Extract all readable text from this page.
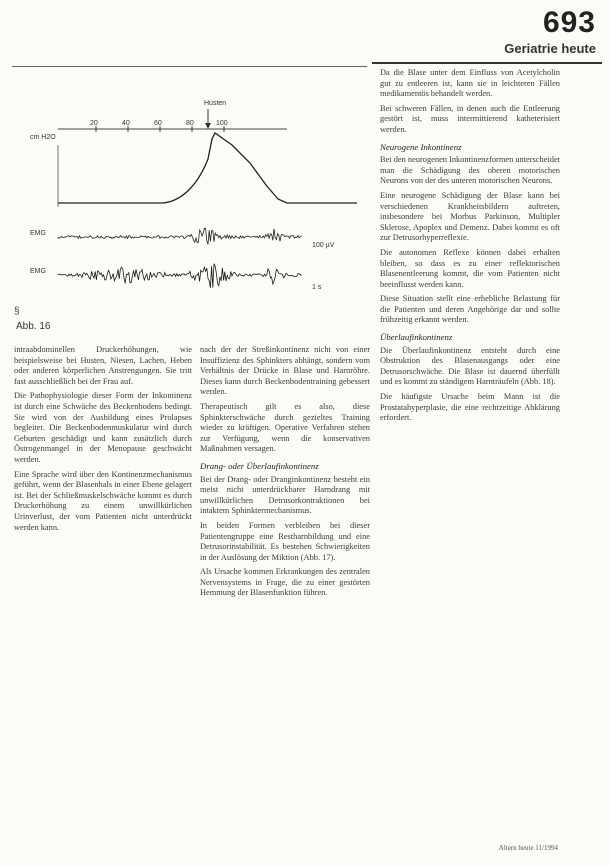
693
Geriatrie heute
Husten
20	40	60	80	100
cm H2O
EMG
100 µV
EMG
1 s
§
Abb. 16

intraabdominellen Druckerhöhungen, wie beispielsweise bei Husten, Niesen, Lachen, Heben oder anderen körperlichen Anstrengungen. Sie tritt fast ausschließlich bei der Frau auf.

Die Pathophysiologie dieser Form der Inkontinenz ist durch eine Schwäche des Beckenbodens bedingt. Sie wird von der Ausbildung eines Prolapses begleitet. Die Beckenbodenmuskulatur wird durch Geburten geschädigt und kann zusätzlich durch Östrogenmangel in der Menopause geschwächt werden.

Eine Sprache wird über den Kontinenzmechanismus geführt, wenn der Blasenhals in einer Ebene gelagert ist. Bei der Schließmuskelschwäche kommt es durch Druckerhöhung zu einem unwillkürlichen Urinverlust, der vom Patienten nicht unterdrückt werden kann.

nach der der Streßinkontinenz nicht von einer Insuffizienz des Sphinkters abhängt, sondern vom Verhältnis der Drücke in Blase und Harnröhre. Dieses kann durch Beckenbodentraining gebessert werden.

Therapeutisch gilt es also, diese Sphinkterschwäche durch gezieltes Training wieder zu kräftigen. Operative Verfahren stehen zur Verfügung, wenn die konservativen Maßnahmen versagen.

Drang- oder Überlaufinkontinenz

Bei der Drang- oder Dranginkontinenz besteht ein meist nicht unterdrückbarer Harndrang mit unwillkürlichen Detrusorkontraktionen bei intaktem Sphinktermechanismus.

In beiden Formen verbleiben bei dieser Patientengruppe eine Restharnbildung und eine Detrusorinstabilität. Es bestehen Schwierigkeiten in der Auslösung der Miktion (Abb. 17).

Als Ursache kommen Erkrankungen des zentralen Nervensystems in Frage, die zu einer gestörten Hemmung der Blasenfunktion führen.

Da die Blase unter dem Einfluss von Acetylcholin gut zu entleeren ist, kann sie in leichteren Fällen medikamentös behandelt werden.

Bei schweren Fällen, in denen auch die Entleerung gestört ist, muss intermittierend katheterisiert werden.

Neurogene Inkontinenz

Bei den neurogenen Inkontinenzformen unterscheidet man die Schädigung des oberen motorischen Neurons von der des unteren motorischen Neurons.

Eine neurogene Schädigung der Blase kann bei verschiedenen Krankheitsbildern auftreten, insbesondere bei Morbus Parkinson, Multipler Sklerose, Apoplex und Demenz. Dabei kommt es oft zur Detrusorhyperreflexie.

Die autonomen Reflexe können dabei erhalten bleiben, so dass es zu einer reflektorischen Blasenentleerung kommt, die vom Patienten nicht beeinflusst werden kann.

Diese Situation stellt eine erhebliche Belastung für die Patienten und deren Angehörige dar und sollte frühzeitig erkannt werden.

Überlaufinkontinenz

Die Überlaufinkontinenz entsteht durch eine Obstruktion des Blasenausgangs oder eine Detrusorschwäche. Die Blase ist dauernd überfüllt und es kommt zu ständigem Harnträufeln (Abb. 18).

Die häufigste Ursache beim Mann ist die Prostatahyperplasie, die eine rechtzeitige Abklärung erfordert.

Altern heute 11/1994
